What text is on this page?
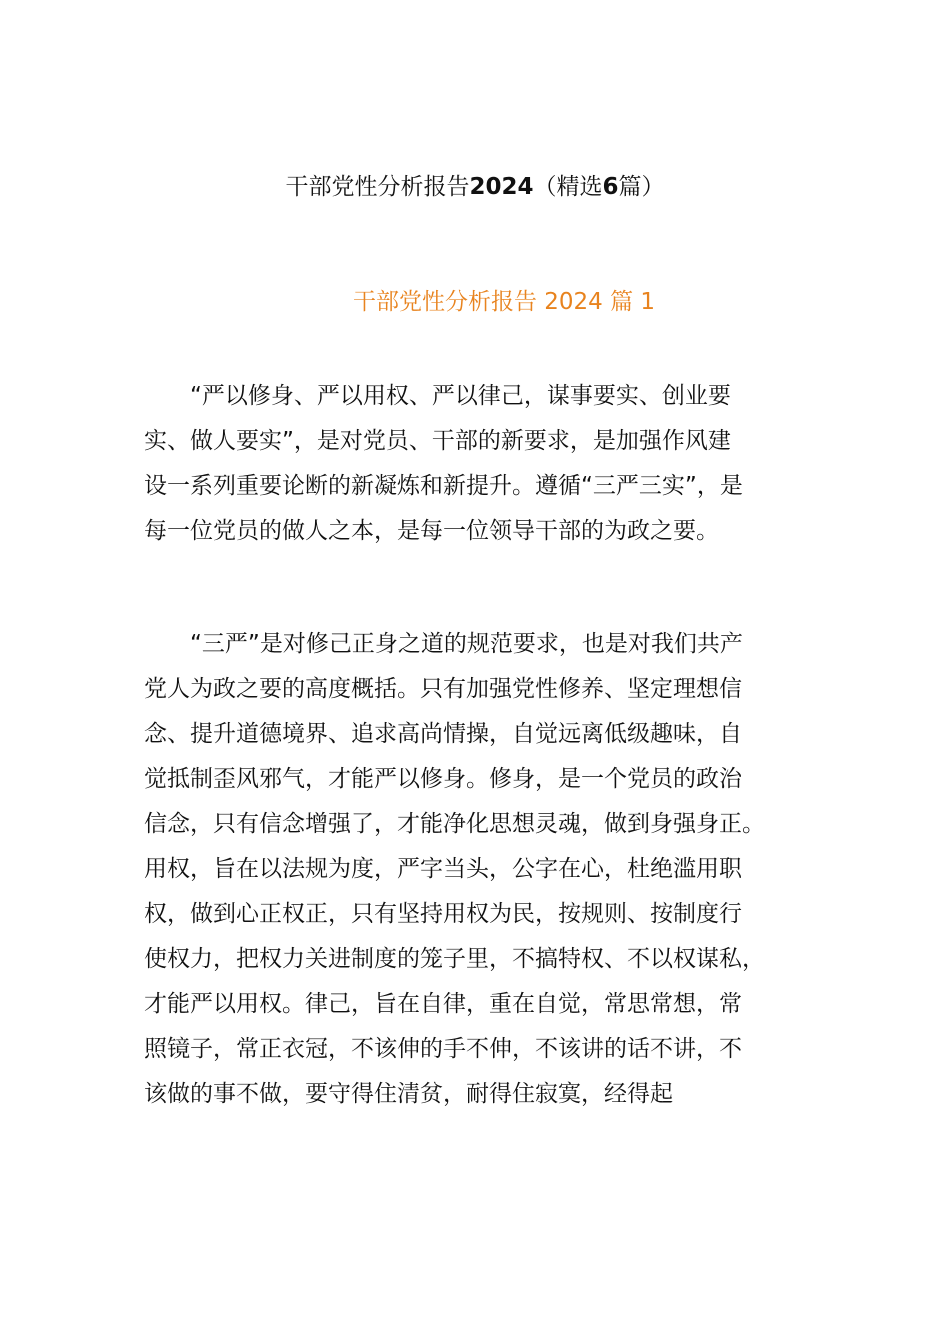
干部党性分析报告2024（精选6篇）
干部党性分析报告 2024 篇 1

“严以修身、严以用权、严以律己，谋事要实、创业要
实、做人要实”，是对党员、干部的新要求，是加强作风建
设一系列重要论断的新凝炼和新提升。遵循“三严三实”，是
每一位党员的做人之本，是每一位领导干部的为政之要。

“三严”是对修己正身之道的规范要求，也是对我们共产
党人为政之要的高度概括。只有加强党性修养、坚定理想信
念、提升道德境界、追求高尚情操，自觉远离低级趣味，自
觉抵制歪风邪气，才能严以修身。修身，是一个党员的政治
信念，只有信念增强了，才能净化思想灵魂，做到身强身正。
用权，旨在以法规为度，严字当头，公字在心，杜绝滥用职
权，做到心正权正，只有坚持用权为民，按规则、按制度行
使权力，把权力关进制度的笼子里，不搞特权、不以权谋私，
才能严以用权。律己，旨在自律，重在自觉，常思常想，常
照镜子，常正衣冠，不该伸的手不伸，不该讲的话不讲，不
该做的事不做，要守得住清贫，耐得住寂寞，经得起
